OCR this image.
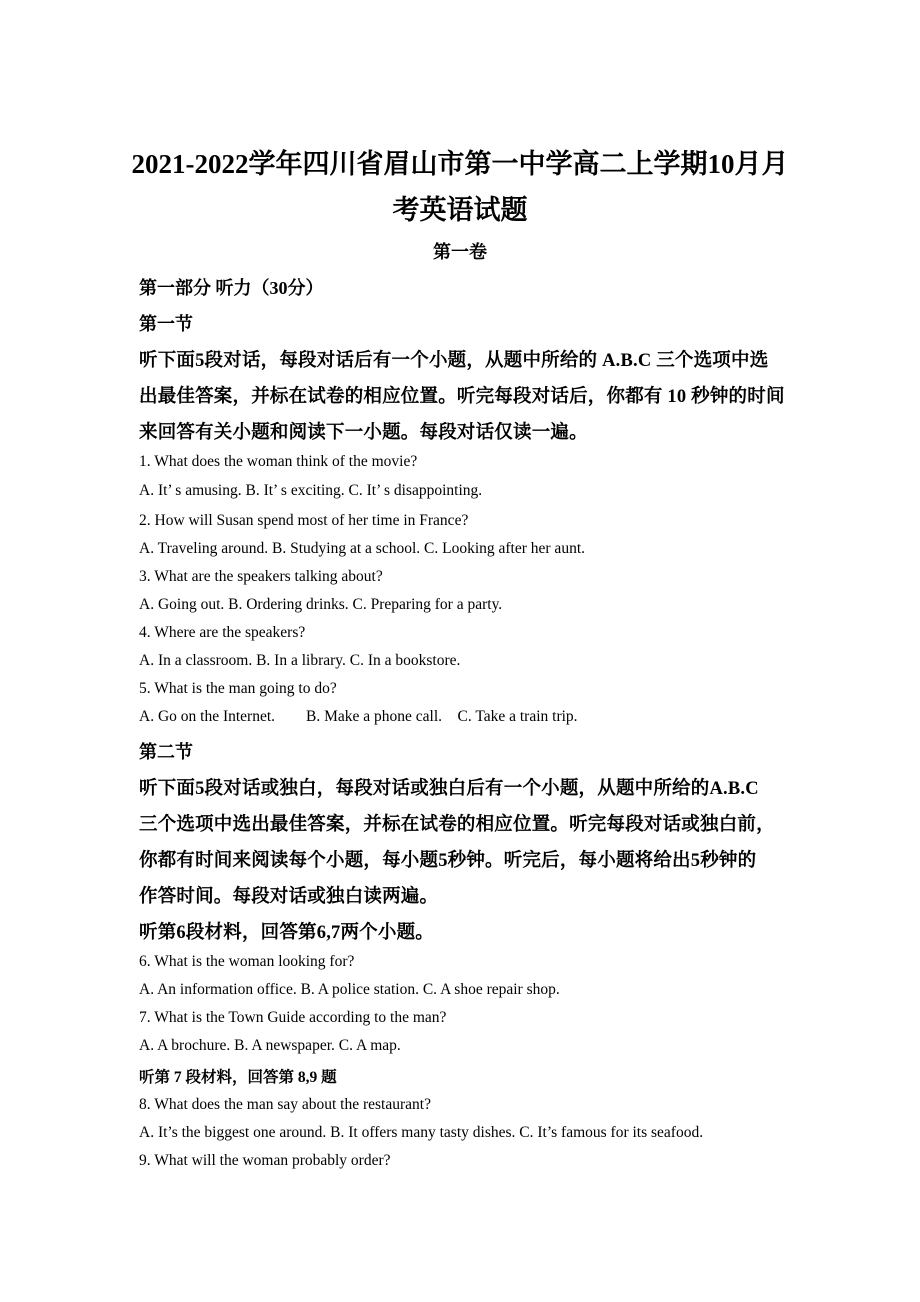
2021-2022学年四川省眉山市第一中学高二上学期10月月
考英语试题
第一卷
第一部分 听力（30分）
第一节
听下面5段对话，每段对话后有一个小题，从题中所给的 A.B.C 三个选项中选
出最佳答案，并标在试卷的相应位置。听完每段对话后，你都有 10 秒钟的时间
来回答有关小题和阅读下一小题。每段对话仅读一遍。
1. What does the woman think of the movie?
A. It’ s amusing. B. It’ s exciting. C. It’ s disappointing.
2. How will Susan spend most of her time in France?
A. Traveling around. B. Studying at a school. C. Looking after her aunt.
3. What are the speakers talking about?
A. Going out. B. Ordering drinks. C. Preparing for a party.
4. Where are the speakers?
A. In a classroom. B. In a library. C. In a bookstore.
5. What is the man going to do?
A. Go on the Internet.        B. Make a phone call.    C. Take a train trip.
第二节
听下面5段对话或独白，每段对话或独白后有一个小题，从题中所给的A.B.C
三个选项中选出最佳答案，并标在试卷的相应位置。听完每段对话或独白前，
你都有时间来阅读每个小题，每小题5秒钟。听完后，每小题将给出5秒钟的
作答时间。每段对话或独白读两遍。
听第6段材料，回答第6,7两个小题。
6. What is the woman looking for?
A. An information office. B. A police station. C. A shoe repair shop.
7. What is the Town Guide according to the man?
A. A brochure. B. A newspaper. C. A map.
听第 7 段材料，回答第 8,9 题
8. What does the man say about the restaurant?
A. It’s the biggest one around. B. It offers many tasty dishes. C. It’s famous for its seafood.
9. What will the woman probably order?
